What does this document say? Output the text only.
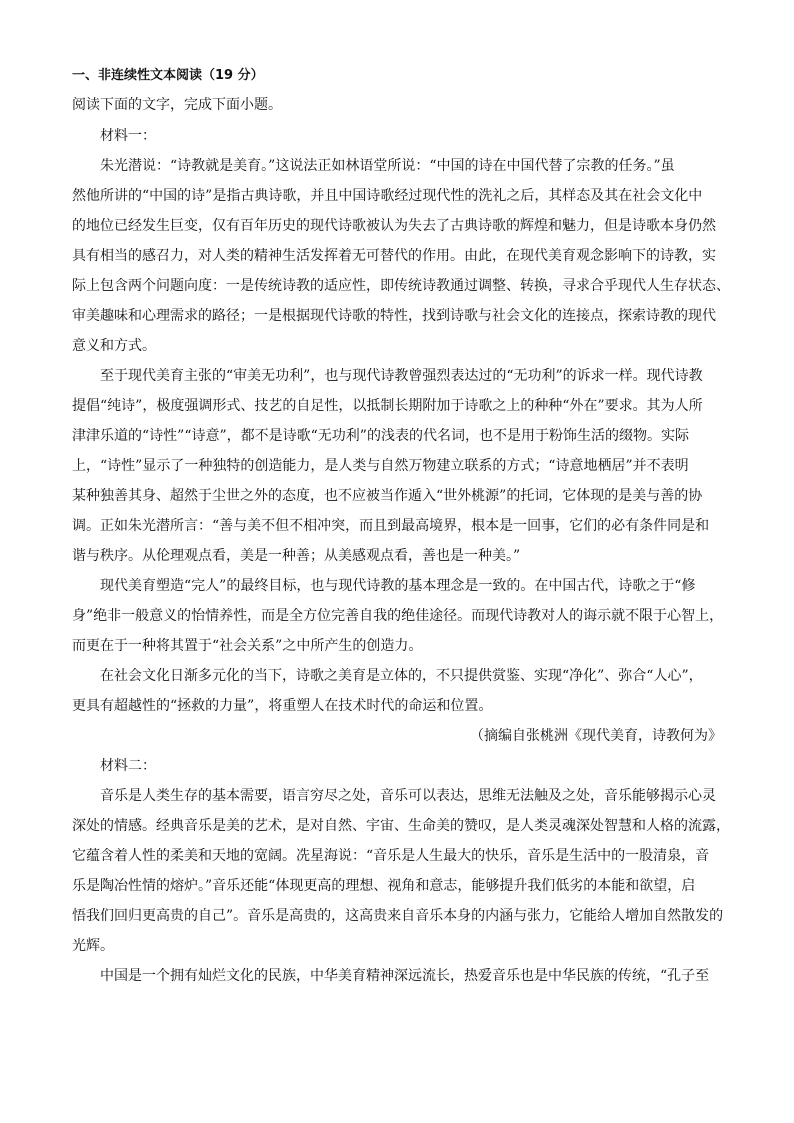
一、非连续性文本阅读（19 分）

阅读下面的文字，完成下面小题。

材料一：

朱光潜说：“诗教就是美育。”这说法正如林语堂所说：“中国的诗在中国代替了宗教的任务。”虽

然他所讲的“中国的诗”是指古典诗歌，并且中国诗歌经过现代性的洗礼之后，其样态及其在社会文化中

的地位已经发生巨变，仅有百年历史的现代诗歌被认为失去了古典诗歌的辉煌和魅力，但是诗歌本身仍然

具有相当的感召力，对人类的精神生活发挥着无可替代的作用。由此，在现代美育观念影响下的诗教，实

际上包含两个问题向度：一是传统诗教的适应性，即传统诗教通过调整、转换，寻求合乎现代人生存状态、

审美趣味和心理需求的路径；一是根据现代诗歌的特性，找到诗歌与社会文化的连接点，探索诗教的现代

意义和方式。

至于现代美育主张的“审美无功利”，也与现代诗教曾强烈表达过的“无功利”的诉求一样。现代诗教

提倡“纯诗”，极度强调形式、技艺的自足性，以抵制长期附加于诗歌之上的种种“外在”要求。其为人所

津津乐道的“诗性”“诗意”，都不是诗歌“无功利”的浅表的代名词，也不是用于粉饰生活的缀物。实际

上，“诗性”显示了一种独特的创造能力，是人类与自然万物建立联系的方式；“诗意地栖居”并不表明

某种独善其身、超然于尘世之外的态度，也不应被当作遁入“世外桃源”的托词，它体现的是美与善的协

调。正如朱光潜所言：“善与美不但不相冲突，而且到最高境界，根本是一回事，它们的必有条件同是和

谐与秩序。从伦理观点看，美是一种善；从美感观点看，善也是一种美。”

现代美育塑造“完人”的最终目标，也与现代诗教的基本理念是一致的。在中国古代，诗歌之于“修

身”绝非一般意义的怡情养性，而是全方位完善自我的绝佳途径。而现代诗教对人的诲示就不限于心智上，

而更在于一种将其置于“社会关系”之中所产生的创造力。

在社会文化日渐多元化的当下，诗歌之美育是立体的，不只提供赏鉴、实现“净化”、弥合“人心”，

更具有超越性的“拯救的力量”，将重塑人在技术时代的命运和位置。

（摘编自张桃洲《现代美育，诗教何为》

材料二：

音乐是人类生存的基本需要，语言穷尽之处，音乐可以表达，思维无法触及之处，音乐能够揭示心灵

深处的情感。经典音乐是美的艺术，是对自然、宇宙、生命美的赞叹，是人类灵魂深处智慧和人格的流露，

它蕴含着人性的柔美和天地的宽阔。冼星海说：“音乐是人生最大的快乐，音乐是生活中的一股清泉，音

乐是陶冶性情的熔炉。”音乐还能“体现更高的理想、视角和意志，能够提升我们低劣的本能和欲望，启

悟我们回归更高贵的自己”。音乐是高贵的，这高贵来自音乐本身的内涵与张力，它能给人增加自然散发的

光辉。

中国是一个拥有灿烂文化的民族，中华美育精神深远流长，热爱音乐也是中华民族的传统，“孔子至
